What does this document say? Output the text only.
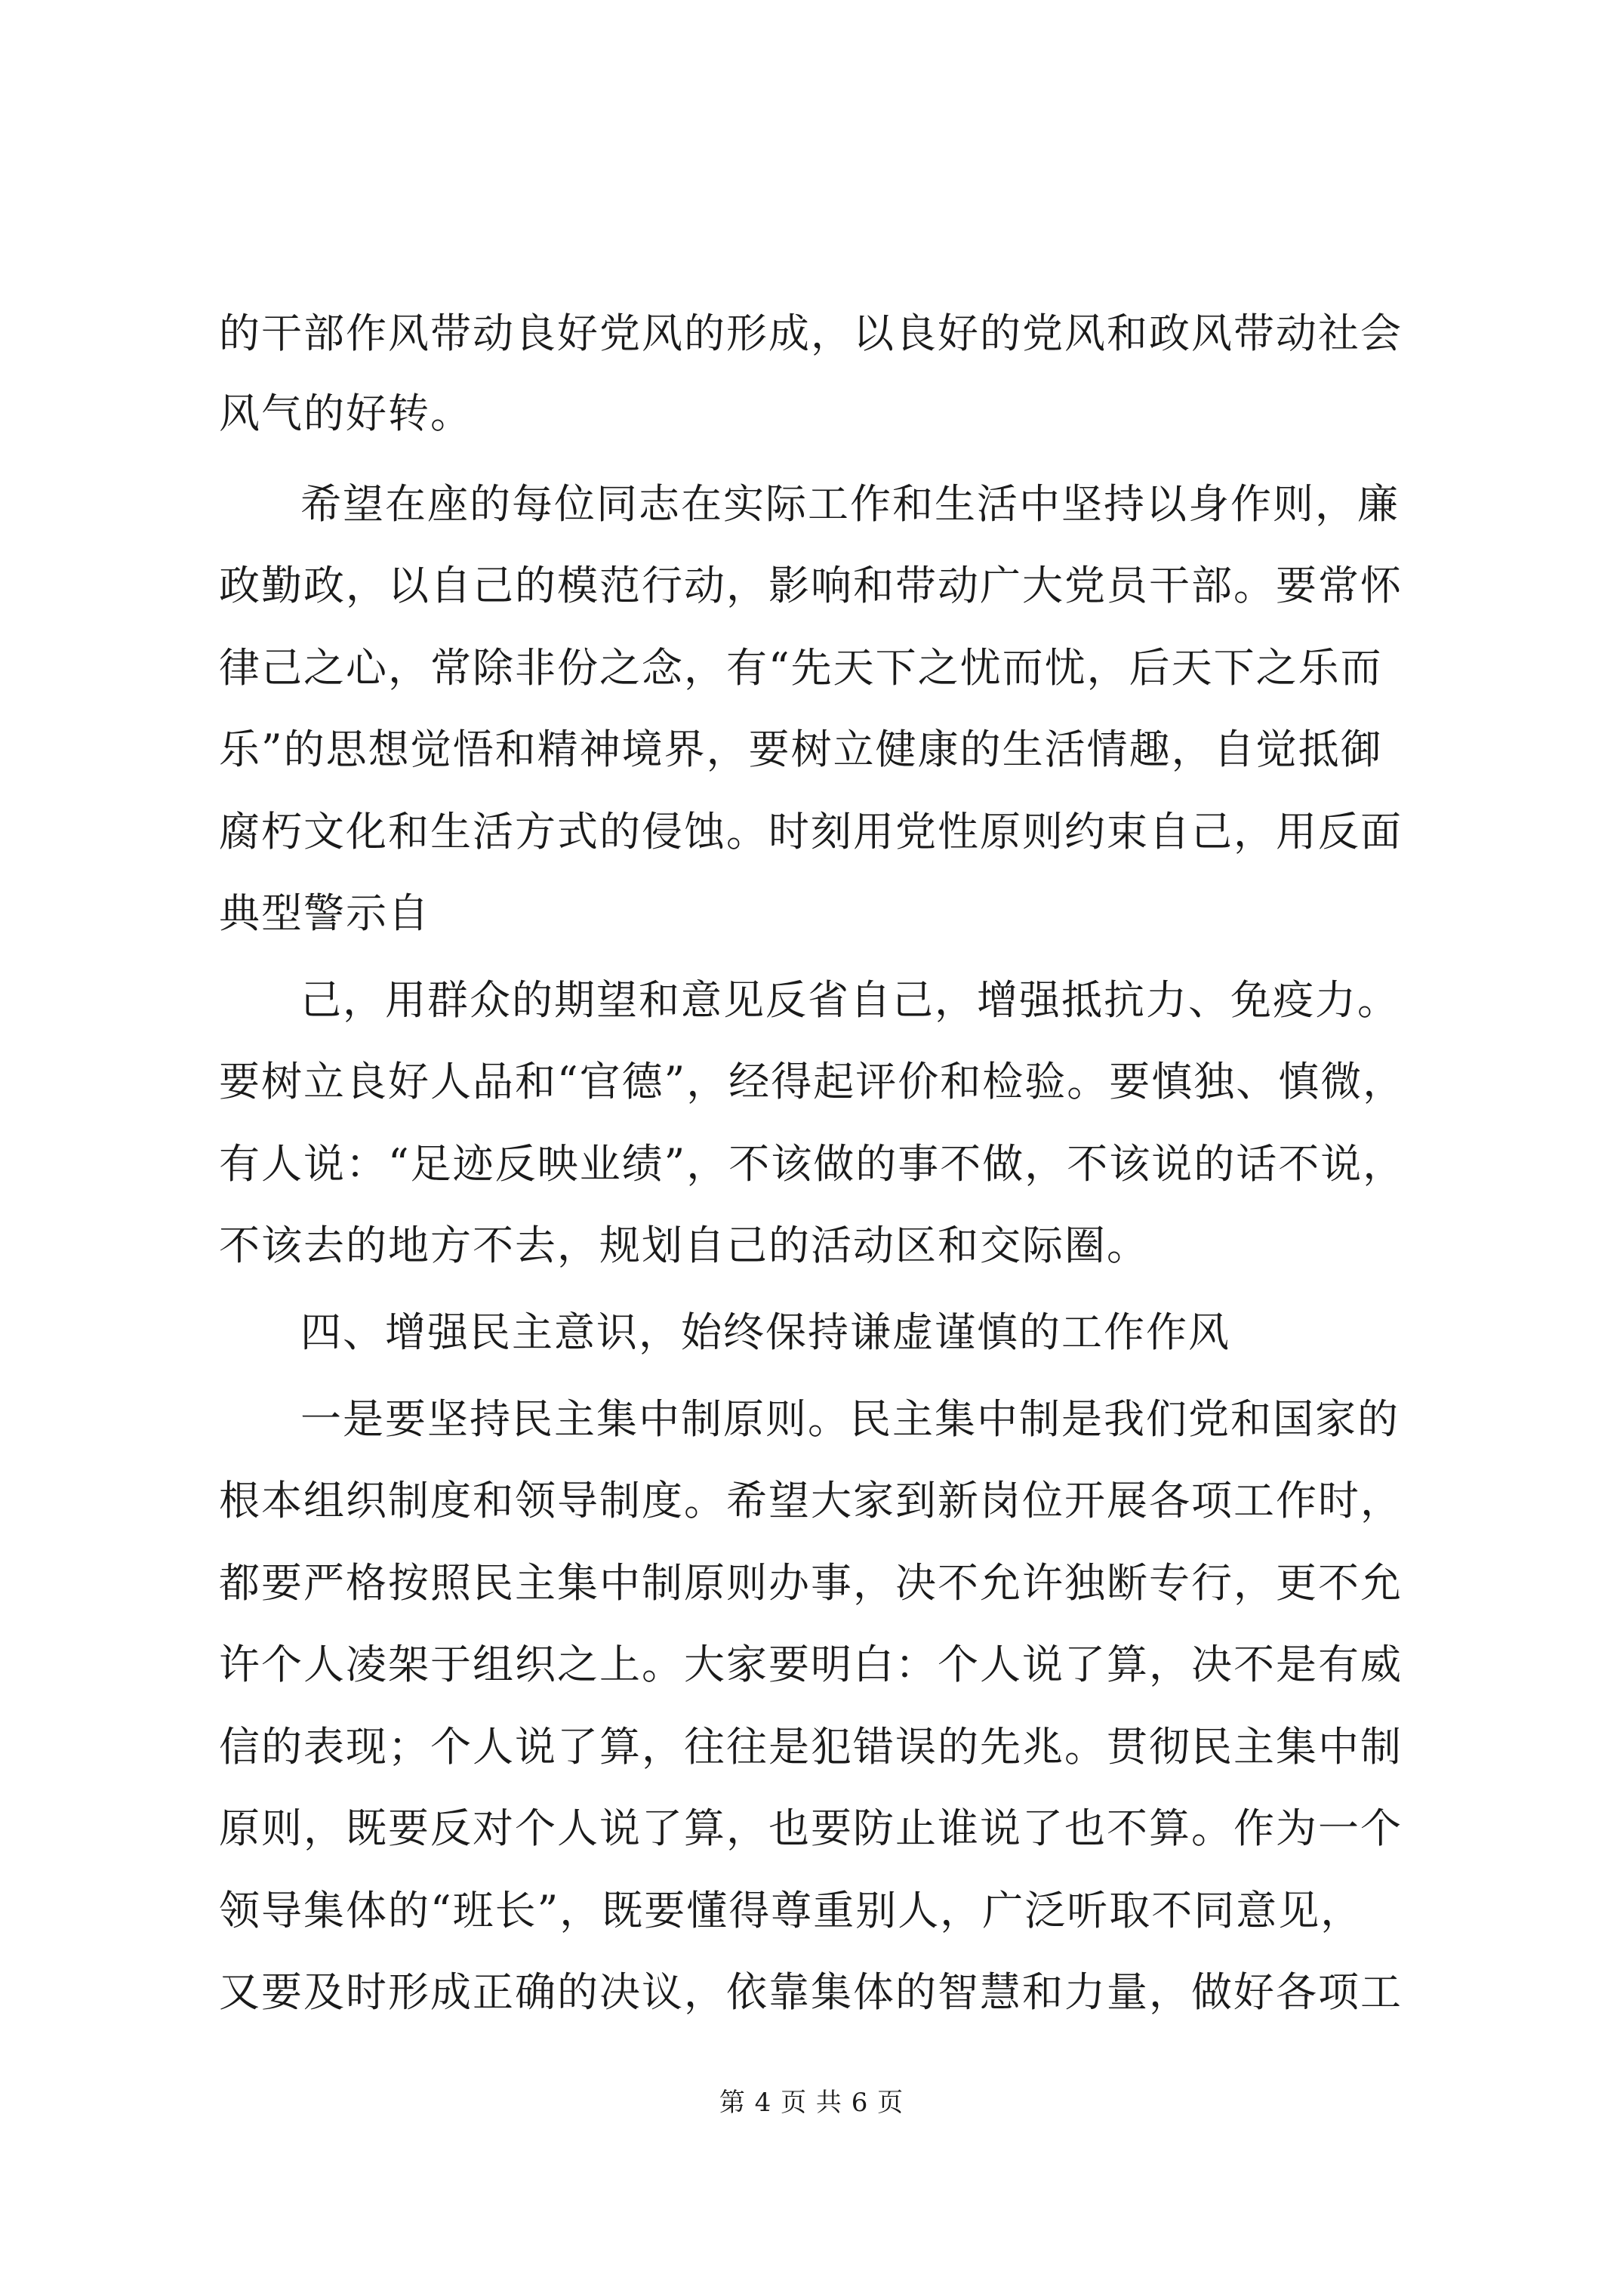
的干部作风带动良好党风的形成，以良好的党风和政风带动社会
风气的好转。
希望在座的每位同志在实际工作和生活中坚持以身作则，廉
政勤政，以自己的模范行动，影响和带动广大党员干部。要常怀
律己之心，常除非份之念，有“先天下之忧而忧，后天下之乐而
乐”的思想觉悟和精神境界，要树立健康的生活情趣，自觉抵御
腐朽文化和生活方式的侵蚀。时刻用党性原则约束自己，用反面
典型警示自
己，用群众的期望和意见反省自己，增强抵抗力、免疫力。
要树立良好人品和“官德”，经得起评价和检验。要慎独、慎微，
有人说：“足迹反映业绩”，不该做的事不做，不该说的话不说，
不该去的地方不去，规划自己的活动区和交际圈。
四、增强民主意识，始终保持谦虚谨慎的工作作风
一是要坚持民主集中制原则。民主集中制是我们党和国家的
根本组织制度和领导制度。希望大家到新岗位开展各项工作时，
都要严格按照民主集中制原则办事，决不允许独断专行，更不允
许个人凌架于组织之上。大家要明白：个人说了算，决不是有威
信的表现；个人说了算，往往是犯错误的先兆。贯彻民主集中制
原则，既要反对个人说了算，也要防止谁说了也不算。作为一个
领导集体的“班长”，既要懂得尊重别人，广泛听取不同意见，
又要及时形成正确的决议，依靠集体的智慧和力量，做好各项工
第 4 页 共 6 页
